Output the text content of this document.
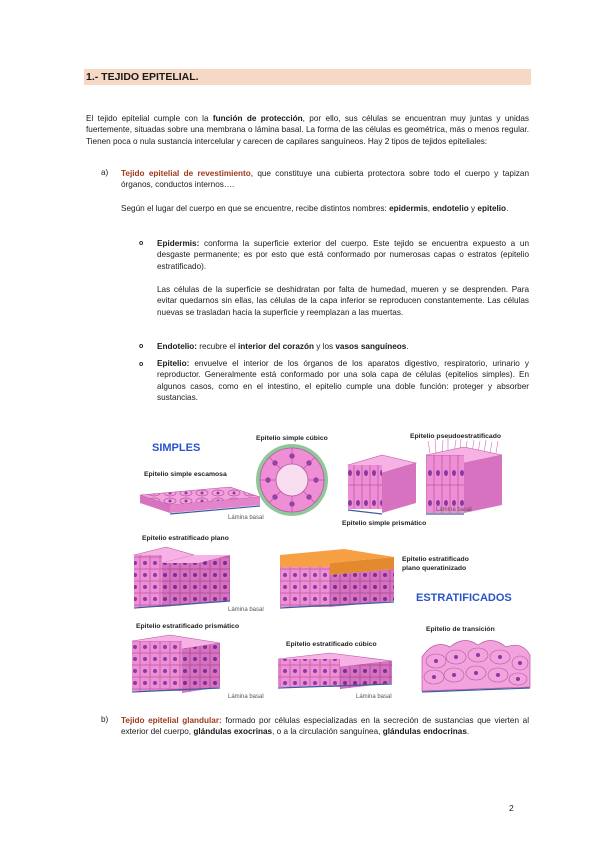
1.- TEJIDO EPITELIAL.
El tejido epitelial cumple con la función de protección, por ello, sus células se encuentran muy juntas y unidas fuertemente, situadas sobre una membrana o lámina basal. La forma de las células es geométrica, más o menos regular. Tienen poca o nula sustancia intercelular y carecen de capilares sanguíneos. Hay 2 tipos de tejidos epiteliales:
a) Tejido epitelial de revestimiento, que constituye una cubierta protectora sobre todo el cuerpo y tapizan órganos, conductos internos….
Según el lugar del cuerpo en que se encuentre, recibe distintos nombres: epidermis, endotelio y epitelio.
o Epidermis: conforma la superficie exterior del cuerpo. Este tejido se encuentra expuesto a un desgaste permanente; es por esto que está conformado por numerosas capas o estratos (epitelio estratificado).
Las células de la superficie se deshidratan por falta de humedad, mueren y se desprenden. Para evitar quedarnos sin ellas, las células de la capa inferior se reproducen constantemente. Las células nuevas se trasladan hacia la superficie y reemplazan a las muertas.
o Endotelio: recubre el interior del corazón y los vasos sanguíneos.
o Epitelio: envuelve el interior de los órganos de los aparatos digestivo, respiratorio, urinario y reproductor. Generalmente está conformado por una sola capa de células (epitelios simples). En algunos casos, como en el intestino, el epitelio cumple una doble función: proteger y absorber sustancias.
SIMPLES
Epitelio simple escamosa
Epitelio simple cúbico	Epitelio pseudoestratificado
Epitelio simple prismático
Epitelio estratificado plano
Epitelio estratificado
plano queratinizado
ESTRATIFICADOS
Epitelio estratificado prismático
Epitelio estratificado cúbico
Epitelio de transición
Lámina basal
Lámina basal
Lámina basal
Lámina basal	Lámina basal
b) Tejido epitelial glandular: formado por células especializadas en la secreción de sustancias que vierten al exterior del cuerpo, glándulas exocrinas, o a la circulación sanguínea, glándulas endocrinas.
2
